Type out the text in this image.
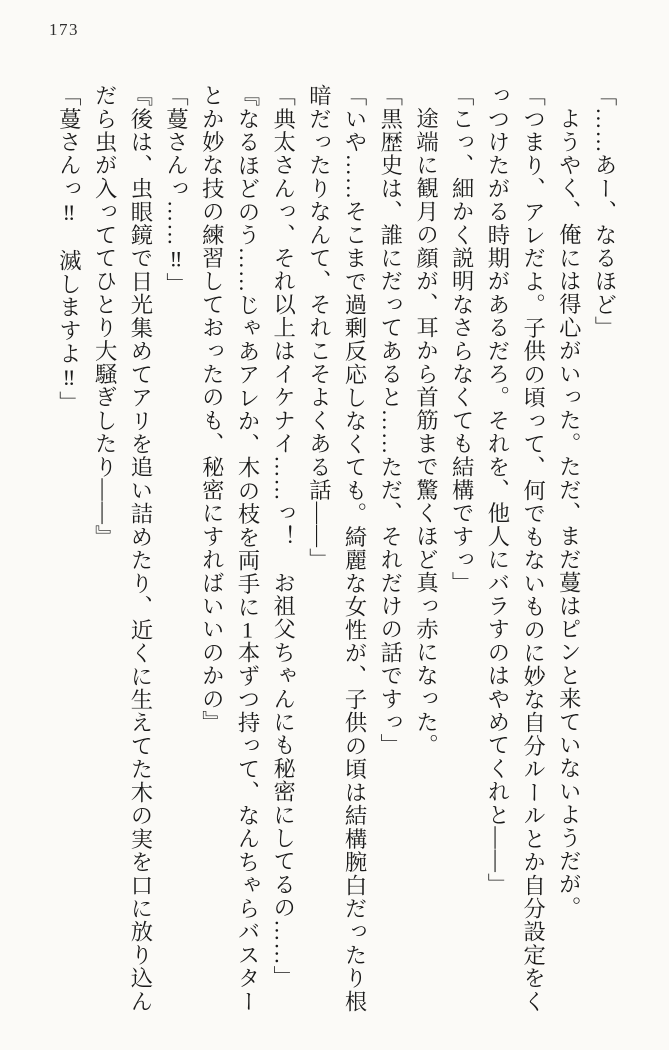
173

「……あー、なるほど」

ようやく、俺には得心がいった。ただ、まだ蔓はピンと来ていないようだが。

「つまり、アレだよ。子供の頃って、何でもないものに妙な自分ルールとか自分設定をくっつけたがる時期があるだろ。それを、他人にバラすのはやめてくれと——」

「こっ、細かく説明なさらなくても結構ですっ」

途端に観月の顔が、耳から首筋まで驚くほど真っ赤になった。

「黒歴史は、誰にだってあると……ただ、それだけの話ですっ」

「いや……そこまで過剰反応しなくても。綺麗な女性が、子供の頃は結構腕白だったり根暗だったりなんて、それこそよくある話——」

「典太さんっ、それ以上はイケナイ……っ！　お祖父ちゃんにも秘密にしてるの……」

『なるほどのう……じゃあアレか、木の枝を両手に1本ずつ持って、なんちゃらバスターとか妙な技の練習しておったのも、秘密にすればいいのかの』

「蔓さんっ……‼」

『後は、虫眼鏡で日光集めてアリを追い詰めたり、近くに生えてた木の実を口に放り込んだら虫が入っててひとり大騒ぎしたり——』

「蔓さんっ‼　滅しますよ‼」
